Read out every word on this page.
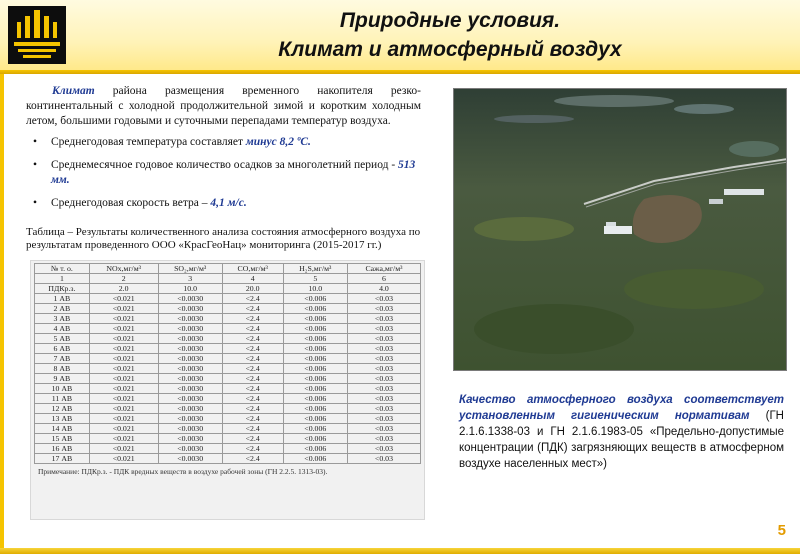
Природные условия.
Климат и атмосферный воздух

Климат района размещения временного накопителя резко-континентальный с холодной продолжительной зимой и коротким холодным летом, большими годовыми и суточными перепадами температур воздуха.

• Среднегодовая температура составляет минус 8,2 ºС.
• Среднемесячное годовое количество осадков за многолетний период - 513 мм.
• Среднегодовая скорость ветра – 4,1 м/с.
Таблица – Результаты количественного анализа состояния атмосферного воздуха по результатам проведенного ООО «КрасГеоНац» мониторинга (2015-2017 гг.)
№ т. о.	NOx,мг/м³	SO₂,мг/м³	CO,мг/м³	H₂S,мг/м³	Сажа,мг/м³
1	2	3	4	5	6
ПДКр.з.	2.0	10.0	20.0	10.0	4.0
1 АВ	<0.021	<0.0030	<2.4	<0.006	<0.03
2 АВ	<0.021	<0.0030	<2.4	<0.006	<0.03
3 АВ	<0.021	<0.0030	<2.4	<0.006	<0.03
4 АВ	<0.021	<0.0030	<2.4	<0.006	<0.03
5 АВ	<0.021	<0.0030	<2.4	<0.006	<0.03
6 АВ	<0.021	<0.0030	<2.4	<0.006	<0.03
7 АВ	<0.021	<0.0030	<2.4	<0.006	<0.03
8 АВ	<0.021	<0.0030	<2.4	<0.006	<0.03
9 АВ	<0.021	<0.0030	<2.4	<0.006	<0.03
10 АВ	<0.021	<0.0030	<2.4	<0.006	<0.03
11 АВ	<0.021	<0.0030	<2.4	<0.006	<0.03
12 АВ	<0.021	<0.0030	<2.4	<0.006	<0.03
13 АВ	<0.021	<0.0030	<2.4	<0.006	<0.03
14 АВ	<0.021	<0.0030	<2.4	<0.006	<0.03
15 АВ	<0.021	<0.0030	<2.4	<0.006	<0.03
16 АВ	<0.021	<0.0030	<2.4	<0.006	<0.03
17 АВ	<0.021	<0.0030	<2.4	<0.006	<0.03
Примечание: ПДКр.з. - ПДК вредных веществ в воздухе рабочей зоны (ГН 2.2.5. 1313-03).
Качество атмосферного воздуха соответствует установленным гигиеническим нормативам (ГН 2.1.6.1338-03 и ГН 2.1.6.1983-05 «Предельно-допустимые концентрации (ПДК) загрязняющих веществ в атмосферном воздухе населенных мест»)
5
